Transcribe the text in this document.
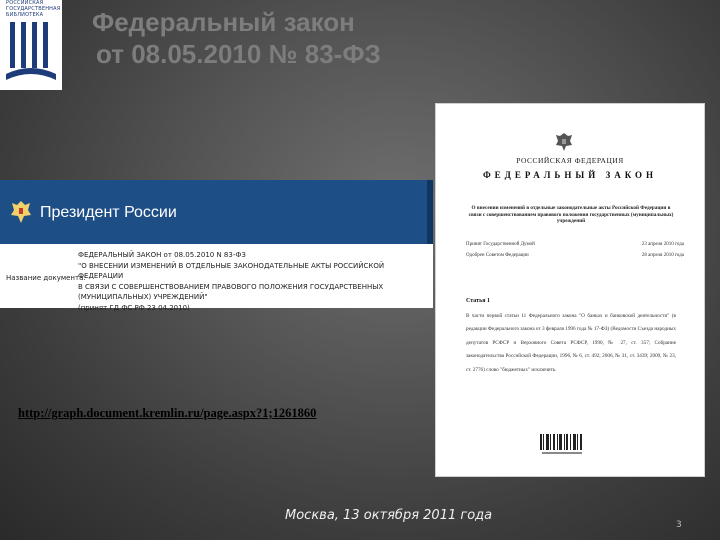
РОССИЙСКАЯ ГОСУДАРСТВЕННАЯ БИБЛИОТЕКА	Федеральный закон
от 08.05.2010 № 83-ФЗ
РОССИЙСКАЯ ФЕДЕРАЦИЯ
ФЕДЕРАЛЬНЫЙ ЗАКОН
О внесении изменений в отдельные законодательные акты Российской Федерации в связи с совершенствованием правового положения государственных (муниципальных) учреждений
Принят Государственной Думой	23 апреля 2010 года
Одобрен Советом Федерации	28 апреля 2010 года
Статья 1
В части первой статьи 11 Федерального закона "О банках и банковской деятельности" (в редакции Федерального закона от 3 февраля 1996 года № 17-ФЗ) (Ведомости Съезда народных депутатов РСФСР и Верховного Совета РСФСР, 1990, № 27, ст. 357; Собрание законодательства Российской Федерации, 1996, № 6, ст. 492; 2006, № 31, ст. 3439; 2009, № 23, ст. 2776) слово "бюджетных" исключить.
Президент России
Название документа:
ФЕДЕРАЛЬНЫЙ ЗАКОН от 08.05.2010 N 83-ФЗ
"О ВНЕСЕНИИ ИЗМЕНЕНИЙ В ОТДЕЛЬНЫЕ ЗАКОНОДАТЕЛЬНЫЕ АКТЫ РОССИЙСКОЙ ФЕДЕРАЦИИ
В СВЯЗИ С СОВЕРШЕНСТВОВАНИЕМ ПРАВОВОГО ПОЛОЖЕНИЯ ГОСУДАРСТВЕННЫХ
(МУНИЦИПАЛЬНЫХ) УЧРЕЖДЕНИЙ"
(принят ГД ФС РФ 23.04.2010)
http://graph.document.kremlin.ru/page.aspx?1;1261860
Москва, 13 октября 2011 года
3
